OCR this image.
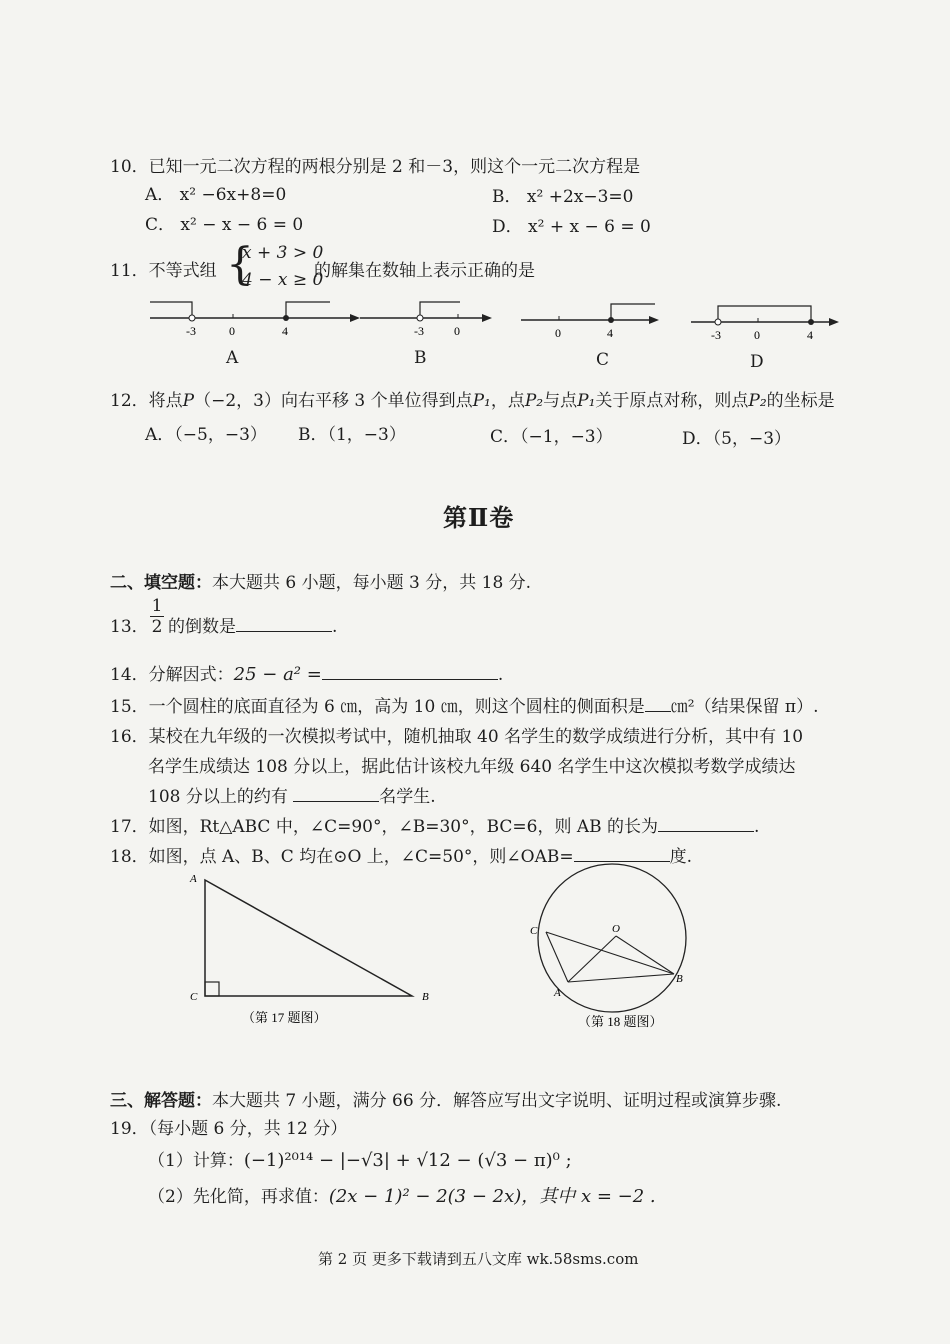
10．已知一元二次方程的两根分别是 2 和－3，则这个一元二次方程是
A． x² −6x+8=0	B． x² +2x−3=0
C． x² − x − 6 = 0	D． x² + x − 6 = 0
11．不等式组 {
x + 3 > 0
4 − x ≥ 0
的解集在数轴上表示正确的是
-3	0	4
A
-3	0
B
0	4
C
-3	0	4
D
12．将点P（−2，3）向右平移 3 个单位得到点P₁，点P₂与点P₁关于原点对称，则点P₂的坐标是
A．（−5，−3） B．（1，−3）	C．（−1，−3）	D．（5，−3）
第Ⅱ卷
二、填空题：本大题共 6 小题，每小题 3 分，共 18 分.
13． $\frac{1}{2}$ 的倒数是	.
14．分解因式：25 − a² =	.
15．一个圆柱的底面直径为 6 ㎝，高为 10 ㎝，则这个圆柱的侧面积是 ㎝²（结果保留 π）.
16．某校在九年级的一次模拟考试中，随机抽取 40 名学生的数学成绩进行分析，其中有 10
名学生成绩达 108 分以上，据此估计该校九年级 640 名学生中这次模拟考数学成绩达
108 分以上的约有	名学生.
17．如图，Rt△ABC 中，∠C=90°，∠B=30°，BC=6，则 AB 的长为	.
18．如图，点 A、B、C 均在⊙O 上，∠C=50°，则∠OAB=	度.
A
C	B
（第 17 题图）
C	O
A
B
（第 18 题图）
三、解答题：本大题共 7 小题，满分 66 分．解答应写出文字说明、证明过程或演算步骤.
19．（每小题 6 分，共 12 分）
（1）计算：(−1)²⁰¹⁴ − |−√3| + √12 − (√3 − π)⁰ ;
（2）先化简，再求值：(2x − 1)² − 2(3 − 2x)，其中 x = −2 .
第 2 页 更多下载请到五八文库 wk.58sms.com
